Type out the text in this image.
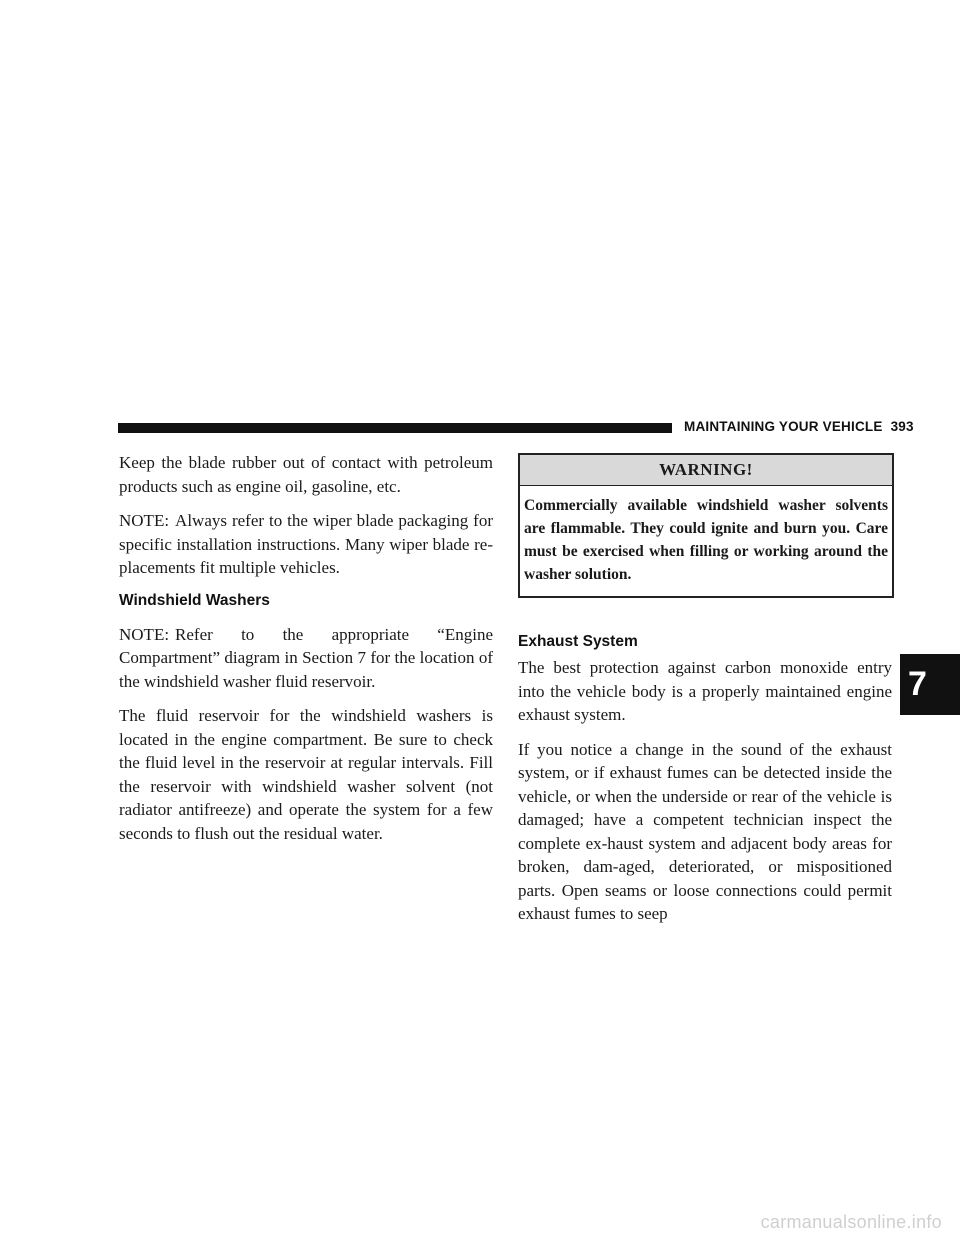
MAINTAINING YOUR VEHICLE 393

Keep the blade rubber out of contact with petroleum products such as engine oil, gasoline, etc.

NOTE: Always refer to the wiper blade packaging for specific installation instructions. Many wiper blade re-placements fit multiple vehicles.

Windshield Washers

NOTE: Refer to the appropriate “Engine Compartment” diagram in Section 7 for the location of the windshield washer fluid reservoir.

The fluid reservoir for the windshield washers is located in the engine compartment. Be sure to check the fluid level in the reservoir at regular intervals. Fill the reservoir with windshield washer solvent (not radiator antifreeze) and operate the system for a few seconds to flush out the residual water.

WARNING!
Commercially available windshield washer solvents are flammable. They could ignite and burn you. Care must be exercised when filling or working around the washer solution.
Exhaust System

The best protection against carbon monoxide entry into the vehicle body is a properly maintained engine exhaust system.

If you notice a change in the sound of the exhaust system, or if exhaust fumes can be detected inside the vehicle, or when the underside or rear of the vehicle is damaged; have a competent technician inspect the complete ex-haust system and adjacent body areas for broken, dam-aged, deteriorated, or mispositioned parts. Open seams or loose connections could permit exhaust fumes to seep

7
carmanualsonline.info
